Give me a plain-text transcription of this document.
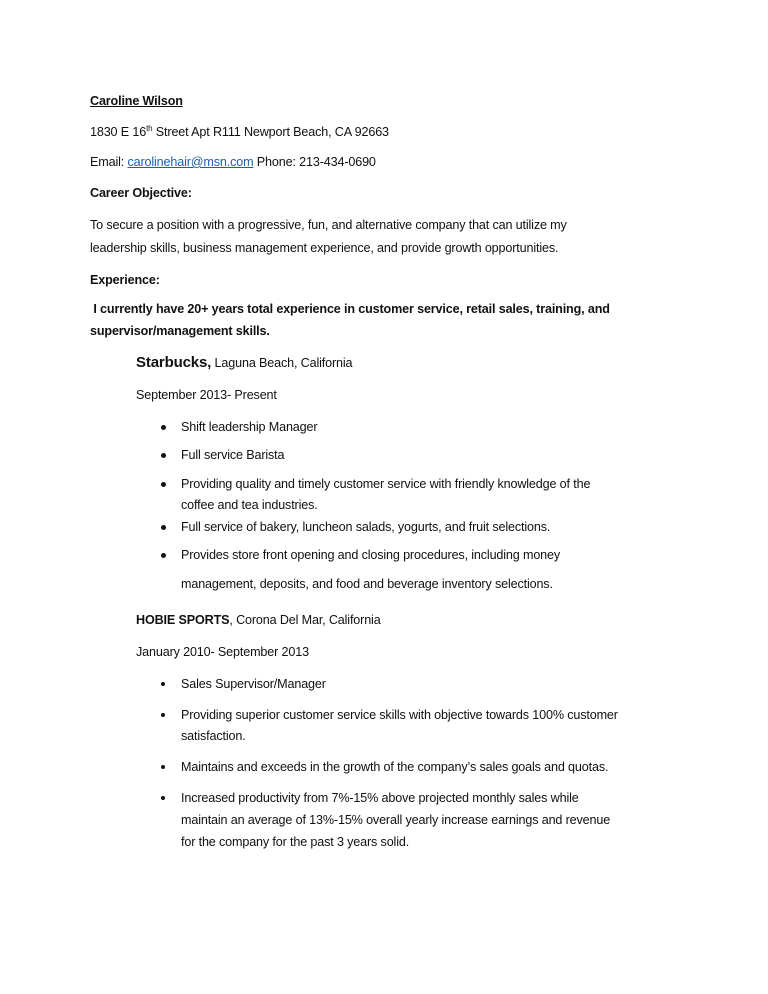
Caroline Wilson
1830 E 16th Street Apt R111 Newport Beach, CA 92663
Email: carolinehair@msn.com Phone: 213-434-0690
Career Objective:
To secure a position with a progressive, fun, and alternative company that can utilize my
leadership skills, business management experience, and provide growth opportunities.
Experience:
I currently have 20+ years total experience in customer service, retail sales, training, and
supervisor/management skills.
Starbucks, Laguna Beach, California
September 2013- Present
Shift leadership Manager
Full service Barista
Providing quality and timely customer service with friendly knowledge of the
coffee and tea industries.
Full service of bakery, luncheon salads, yogurts, and fruit selections.
Provides store front opening and closing procedures, including money
management, deposits, and food and beverage inventory selections.
HOBIE SPORTS, Corona Del Mar, California
January 2010- September 2013
Sales Supervisor/Manager
Providing superior customer service skills with objective towards 100% customer
satisfaction.
Maintains and exceeds in the growth of the company’s sales goals and quotas.
Increased productivity from 7%-15% above projected monthly sales while
maintain an average of 13%-15% overall yearly increase earnings and revenue
for the company for the past 3 years solid.
